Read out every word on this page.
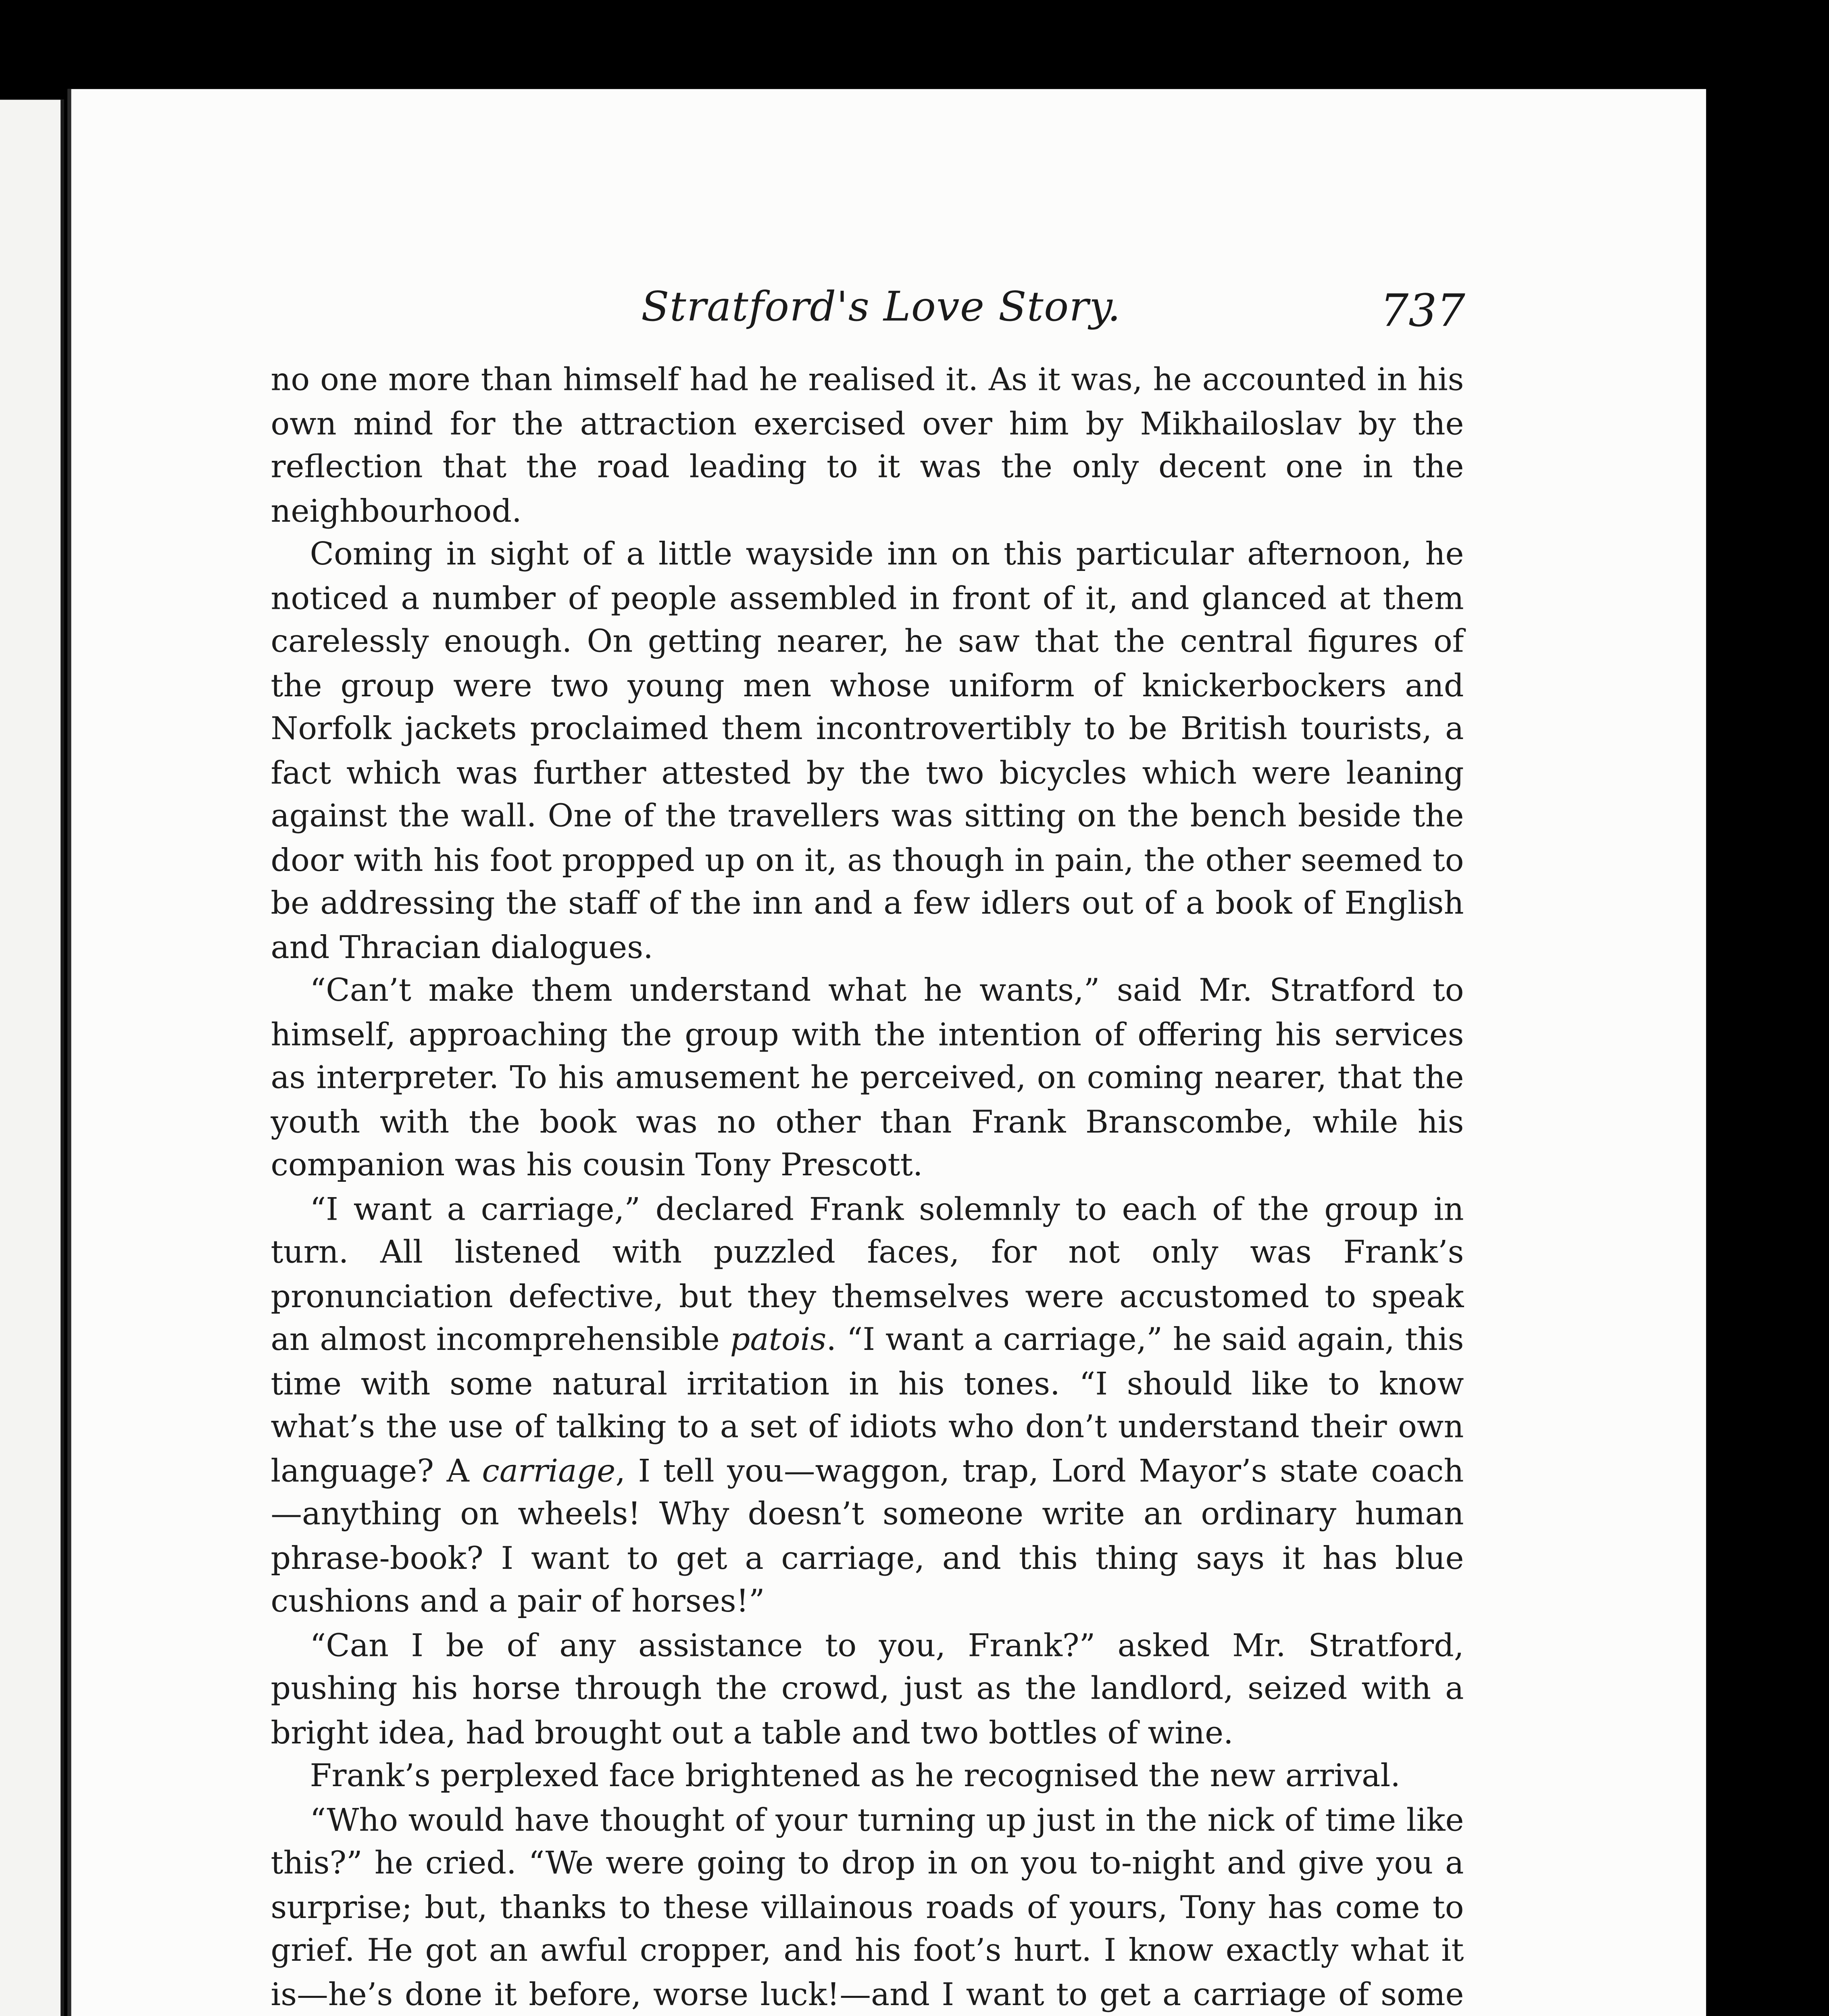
Stratford's Love Story.	737

no one more than himself had he realised it. As it was, he accounted in his own mind for the attraction exercised over him by Mikhailoslav by the reflection that the road leading to it was the only decent one in the neighbourhood.

Coming in sight of a little wayside inn on this particular afternoon, he noticed a number of people assembled in front of it, and glanced at them carelessly enough. On getting nearer, he saw that the central figures of the group were two young men whose uniform of knickerbockers and Norfolk jackets proclaimed them incontrovertibly to be British tourists, a fact which was further attested by the two bicycles which were leaning against the wall. One of the travellers was sitting on the bench beside the door with his foot propped up on it, as though in pain, the other seemed to be addressing the staff of the inn and a few idlers out of a book of English and Thracian dialogues.

“Can’t make them understand what he wants,” said Mr. Stratford to himself, approaching the group with the intention of offering his services as interpreter. To his amusement he perceived, on coming nearer, that the youth with the book was no other than Frank Branscombe, while his companion was his cousin Tony Prescott.

“I want a carriage,” declared Frank solemnly to each of the group in turn. All listened with puzzled faces, for not only was Frank’s pronunciation defective, but they themselves were accustomed to speak an almost incomprehensible patois. “I want a carriage,” he said again, this time with some natural irritation in his tones. “I should like to know what’s the use of talking to a set of idiots who don’t understand their own language? A carriage, I tell you—waggon, trap, Lord Mayor’s state coach—anything on wheels! Why doesn’t someone write an ordinary human phrase-book? I want to get a carriage, and this thing says it has blue cushions and a pair of horses!”

“Can I be of any assistance to you, Frank?” asked Mr. Stratford, pushing his horse through the crowd, just as the landlord, seized with a bright idea, had brought out a table and two bottles of wine.

Frank’s perplexed face brightened as he recognised the new arrival.

“Who would have thought of your turning up just in the nick of time like this?” he cried. “We were going to drop in on you to-night and give you a surprise; but, thanks to these villainous roads of yours, Tony has come to grief. He got an awful cropper, and his foot’s hurt. I know exactly what it is—he’s done it before, worse luck!—and I want to get a carriage of some
